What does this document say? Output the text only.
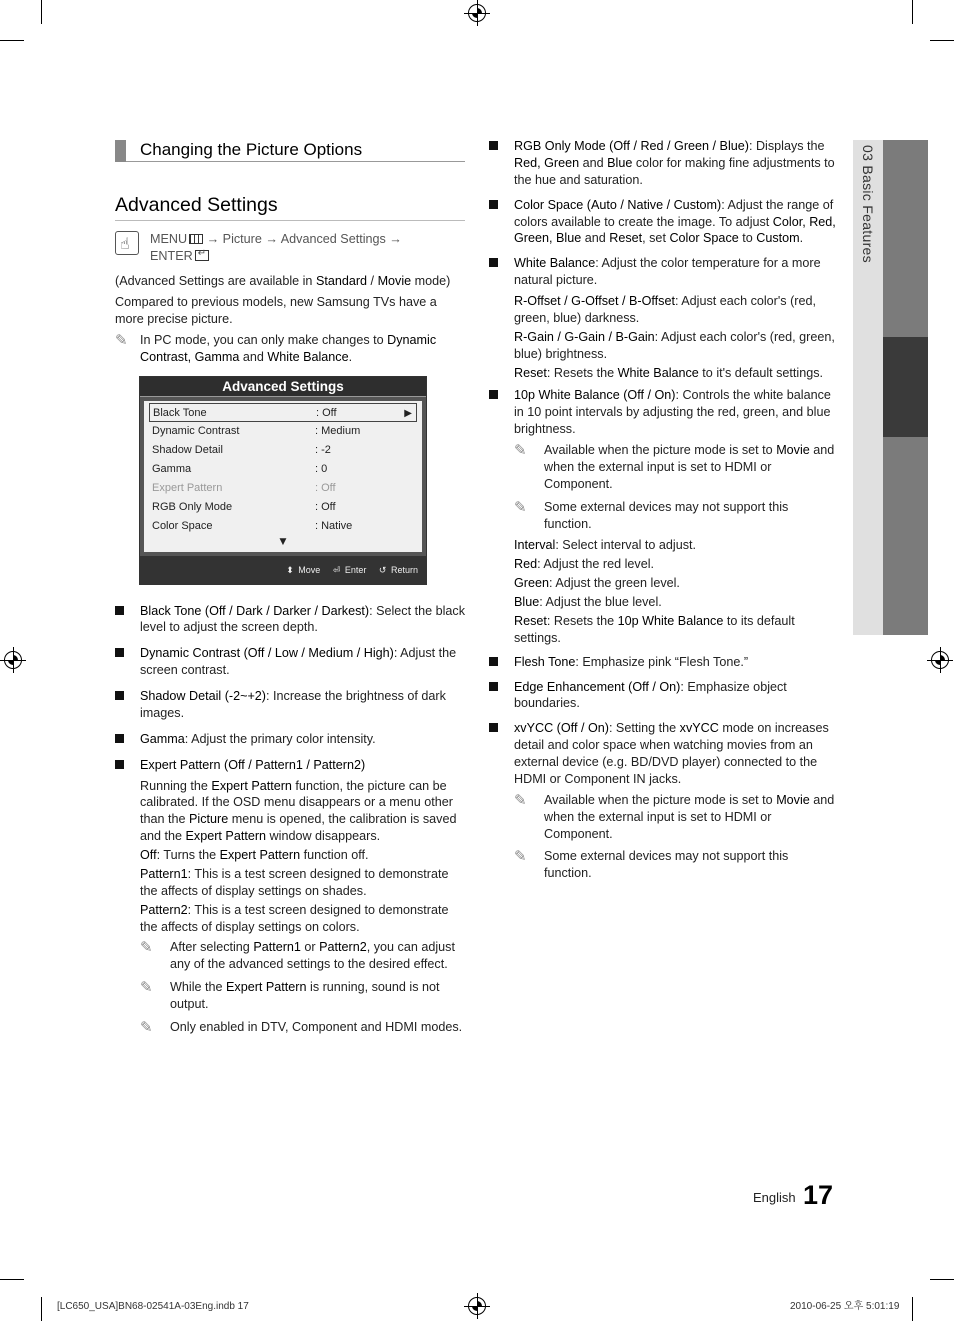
03 Basic Features
Changing the Picture Options
Advanced Settings
☝
MENU → Picture → Advanced Settings →
ENTER↵
(Advanced Settings are available in Standard / Movie mode)
Compared to previous models, new Samsung TVs have a more precise picture.
✎ In PC mode, you can only make changes to Dynamic Contrast, Gamma and White Balance.
Advanced Settings
Black Tone	: Off	▶
Dynamic Contrast	: Medium
Shadow Detail	: -2
Gamma	: 0
Expert Pattern	: Off
RGB Only Mode	: Off
Color Space	: Native
▼
⬍ Move ⏎ Enter ↺ Return
Black Tone (Off / Dark / Darker / Darkest): Select the black level to adjust the screen depth.
Dynamic Contrast (Off / Low / Medium / High): Adjust the screen contrast.
Shadow Detail (-2~+2): Increase the brightness of dark images.
Gamma: Adjust the primary color intensity.
Expert Pattern (Off / Pattern1 / Pattern2)
Running the Expert Pattern function, the picture can be calibrated. If the OSD menu disappears or a menu other than the Picture menu is opened, the calibration is saved and the Expert Pattern window disappears.
Off: Turns the Expert Pattern function off.
Pattern1: This is a test screen designed to demonstrate the affects of display settings on shades.
Pattern2: This is a test screen designed to demonstrate the affects of display settings on colors.
✎ After selecting Pattern1 or Pattern2, you can adjust any of the advanced settings to the desired effect.
✎ While the Expert Pattern is running, sound is not output.
✎ Only enabled in DTV, Component and HDMI modes.
RGB Only Mode (Off / Red / Green / Blue): Displays the Red, Green and Blue color for making fine adjustments to the hue and saturation.
Color Space (Auto / Native / Custom): Adjust the range of colors available to create the image. To adjust Color, Red, Green, Blue and Reset, set Color Space to Custom.
White Balance: Adjust the color temperature for a more natural picture.
R-Offset / G-Offset / B-Offset: Adjust each color's (red, green, blue) darkness.
R-Gain / G-Gain / B-Gain: Adjust each color's (red, green, blue) brightness.
Reset: Resets the White Balance to it's default settings.
10p White Balance (Off / On): Controls the white balance in 10 point intervals by adjusting the red, green, and blue brightness.
✎ Available when the picture mode is set to Movie and when the external input is set to HDMI or Component.
✎ Some external devices may not support this function.
Interval: Select interval to adjust.
Red: Adjust the red level.
Green: Adjust the green level.
Blue: Adjust the blue level.
Reset: Resets the 10p White Balance to its default settings.
Flesh Tone: Emphasize pink “Flesh Tone.”
Edge Enhancement (Off / On): Emphasize object boundaries.
xvYCC (Off / On): Setting the xvYCC mode on increases detail and color space when watching movies from an external device (e.g. BD/DVD player) connected to the HDMI or Component IN jacks.
✎ Available when the picture mode is set to Movie and when the external input is set to HDMI or Component.
✎ Some external devices may not support this function.
English 17
[LC650_USA]BN68-02541A-03Eng.indb 17	2010-06-25 오후 5:01:19
